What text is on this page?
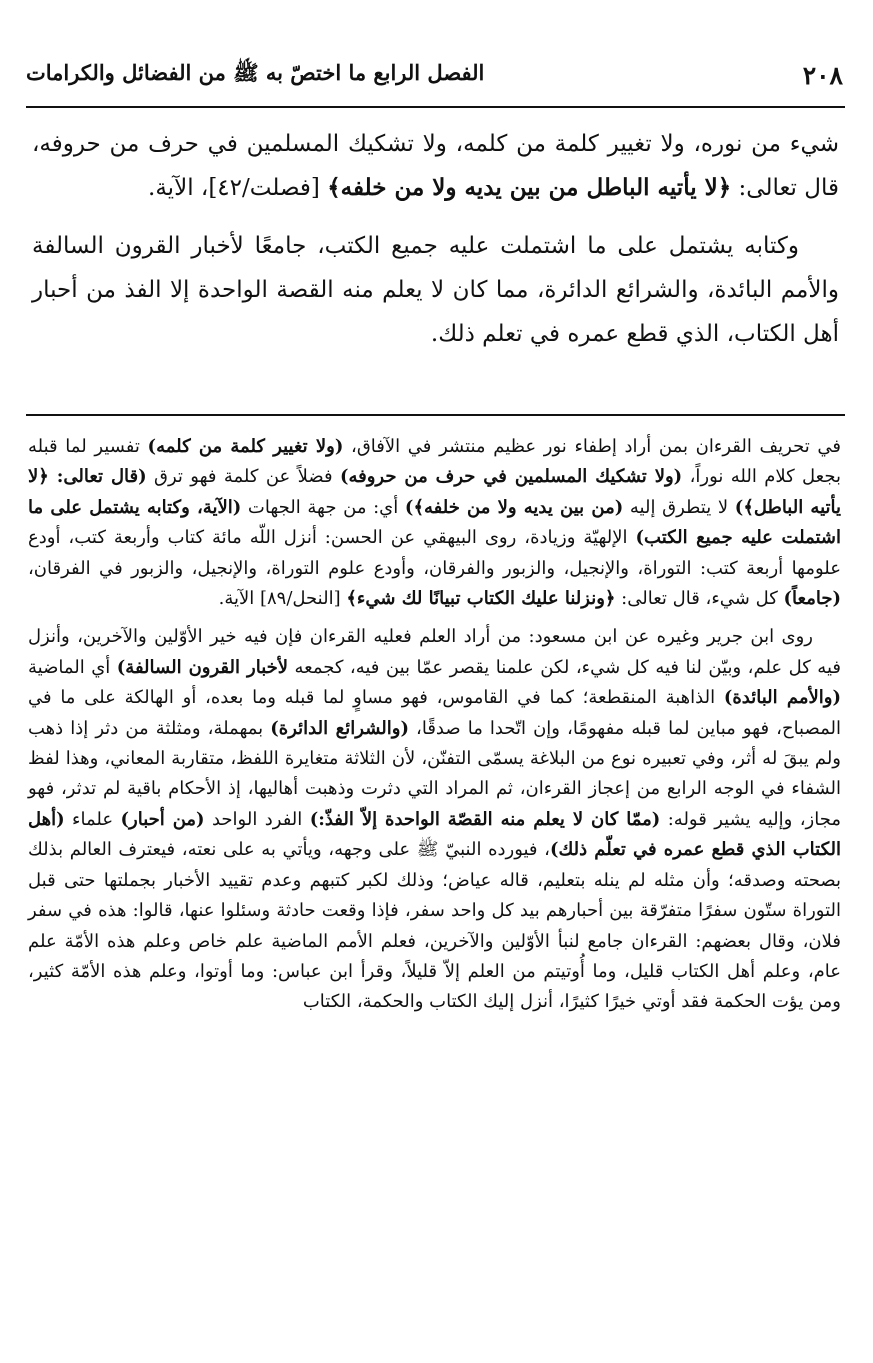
٢٠٨
الفصل الرابع ما اختصّ به ﷺ من الفضائل والكرامات

شيء من نوره، ولا تغيير كلمة من كلمه، ولا تشكيك المسلمين في حرف من حروفه، قال تعالى: ﴿لا يأتيه الباطل من بين يديه ولا من خلفه﴾ [فصلت/٤٢]، الآية.

وكتابه يشتمل على ما اشتملت عليه جميع الكتب، جامعًا لأخبار القرون السالفة والأمم البائدة، والشرائع الدائرة، مما كان لا يعلم منه القصة الواحدة إلا الفذ من أحبار أهل الكتاب، الذي قطع عمره في تعلم ذلك.

في تحريف القرءان بمن أراد إطفاء نور عظيم منتشر في الآفاق، (ولا تغيير كلمة من كلمه) تفسير لما قبله بجعل كلام الله نوراً، (ولا تشكيك المسلمين في حرف من حروفه) فضلاً عن كلمة فهو ترق (قال تعالى: ﴿لا يأتيه الباطل﴾) لا يتطرق إليه (من بين يديه ولا من خلفه﴾) أي: من جهة الجهات (الآية، وكتابه يشتمل على ما اشتملت عليه جميع الكتب) الإلهيّة وزيادة، روى البيهقي عن الحسن: أنزل اللّه مائة كتاب وأربعة كتب، أودع علومها أربعة كتب: التوراة، والإنجيل، والزبور والفرقان، وأودع علوم التوراة، والإنجيل، والزبور في الفرقان، (جامعاً) كل شيء، قال تعالى: ﴿ونزلنا عليك الكتاب تبيانًا لك شيء﴾ [النحل/٨٩] الآية.

روى ابن جرير وغيره عن ابن مسعود: من أراد العلم فعليه القرءان فإن فيه خير الأوّلين والآخرين، وأنزل فيه كل علم، وبيّن لنا فيه كل شيء، لكن علمنا يقصر عمّا بين فيه، كجمعه لأخبار القرون السالفة) أي الماضية (والأمم البائدة) الذاهبة المنقطعة؛ كما في القاموس، فهو مساوٍ لما قبله وما بعده، أو الهالكة على ما في المصباح، فهو مباين لما قبله مفهومًا، وإن اتّحدا ما صدقًا، (والشرائع الدائرة) بمهملة، ومثلثة من دثر إذا ذهب ولم يبقَ له أثر، وفي تعبيره نوع من البلاغة يسمّى التفنّن، لأن الثلاثة متغايرة اللفظ، متقاربة المعاني، وهذا لفظ الشفاء في الوجه الرابع من إعجاز القرءان، ثم المراد التي دثرت وذهبت أهاليها، إذ الأحكام باقية لم تدثر، فهو مجاز، وإليه يشير قوله: (ممّا كان لا يعلم منه القصّة الواحدة إلاّ الفذّ:) الفرد الواحد (من أحبار) علماء (أهل الكتاب الذي قطع عمره في تعلّم ذلك)، فيورده النبيّ ﷺ على وجهه، ويأتي به على نعته، فيعترف العالم بذلك بصحته وصدقه؛ وأن مثله لم ينله بتعليم، قاله عياض؛ وذلك لكبر كتبهم وعدم تقييد الأخبار بجملتها حتى قبل التوراة ستّون سفرًا متفرّقة بين أحبارهم بيد كل واحد سفر، فإذا وقعت حادثة وسئلوا عنها، قالوا: هذه في سفر فلان، وقال بعضهم: القرءان جامع لنبأ الأوّلين والآخرين، فعلم الأمم الماضية علم خاص وعلم هذه الأمّة علم عام، وعلم أهل الكتاب قليل، وما أُوتيتم من العلم إلاّ قليلاً، وقرأ ابن عباس: وما أوتوا، وعلم هذه الأمّة كثير، ومن يؤت الحكمة فقد أوتي خيرًا كثيرًا، أنزل إليك الكتاب والحكمة، الكتاب
